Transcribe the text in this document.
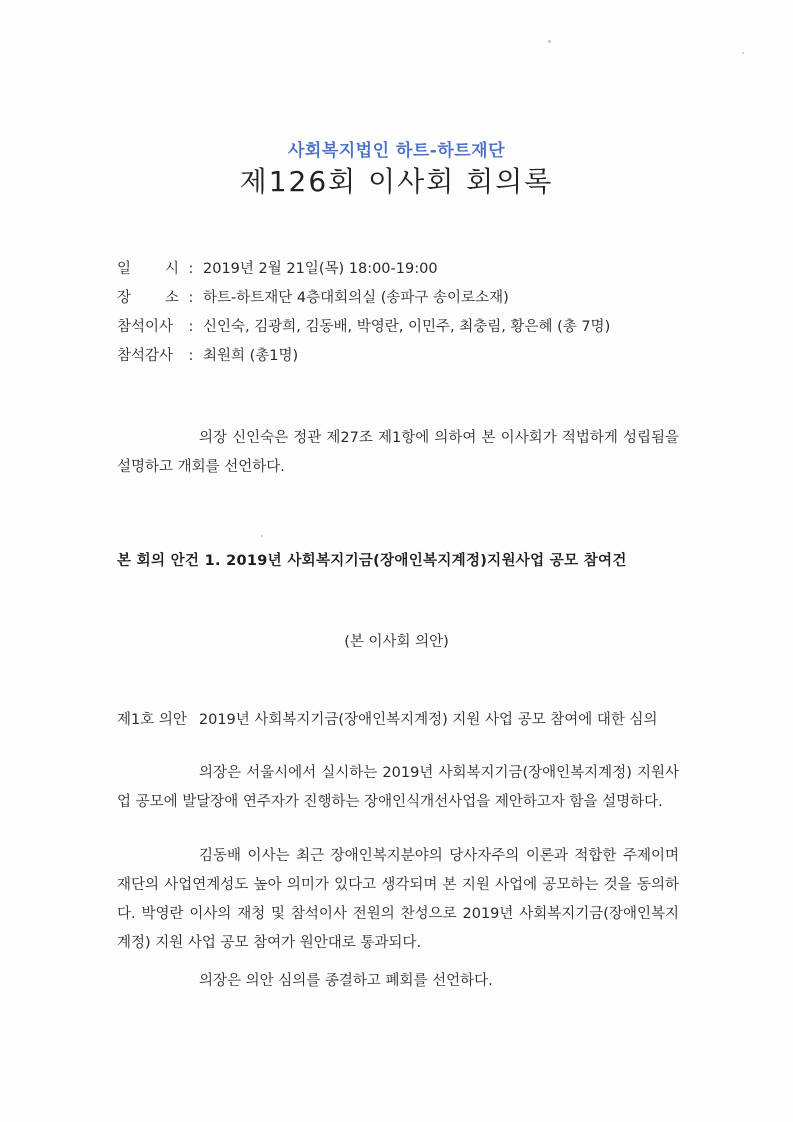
사회복지법인 하트-하트재단
제126회 이사회 회의록
일 시 : 2019년 2월 21일(목) 18:00-19:00
장 소 : 하트-하트재단 4층대회의실 (송파구 송이로소재)
참석이사	: 신인숙, 김광희, 김동배, 박영란, 이민주, 최충림, 황은혜 (총 7명)
참석감사	: 최원희 (총1명)
의장 신인숙은 정관 제27조 제1항에 의하여 본 이사회가 적법하게 성립됨을 설명하고 개회를 선언하다.
본 회의 안건 1. 2019년 사회복지기금(장애인복지계정)지원사업 공모 참여건
(본 이사회 의안)
제1호 의안 2019년 사회복지기금(장애인복지계정) 지원 사업 공모 참여에 대한 심의
의장은 서울시에서 실시하는 2019년 사회복지기금(장애인복지계정) 지원사업 공모에 발달장애 연주자가 진행하는 장애인식개선사업을 제안하고자 함을 설명하다.
김동배 이사는 최근 장애인복지분야의 당사자주의 이론과 적합한 주제이며 재단의 사업연계성도 높아 의미가 있다고 생각되며 본 지원 사업에 공모하는 것을 동의하다. 박영란 이사의 재청 및 참석이사 전원의 찬성으로 2019년 사회복지기금(장애인복지계정) 지원 사업 공모 참여가 원안대로 통과되다.
의장은 의안 심의를 종결하고 폐회를 선언하다.
